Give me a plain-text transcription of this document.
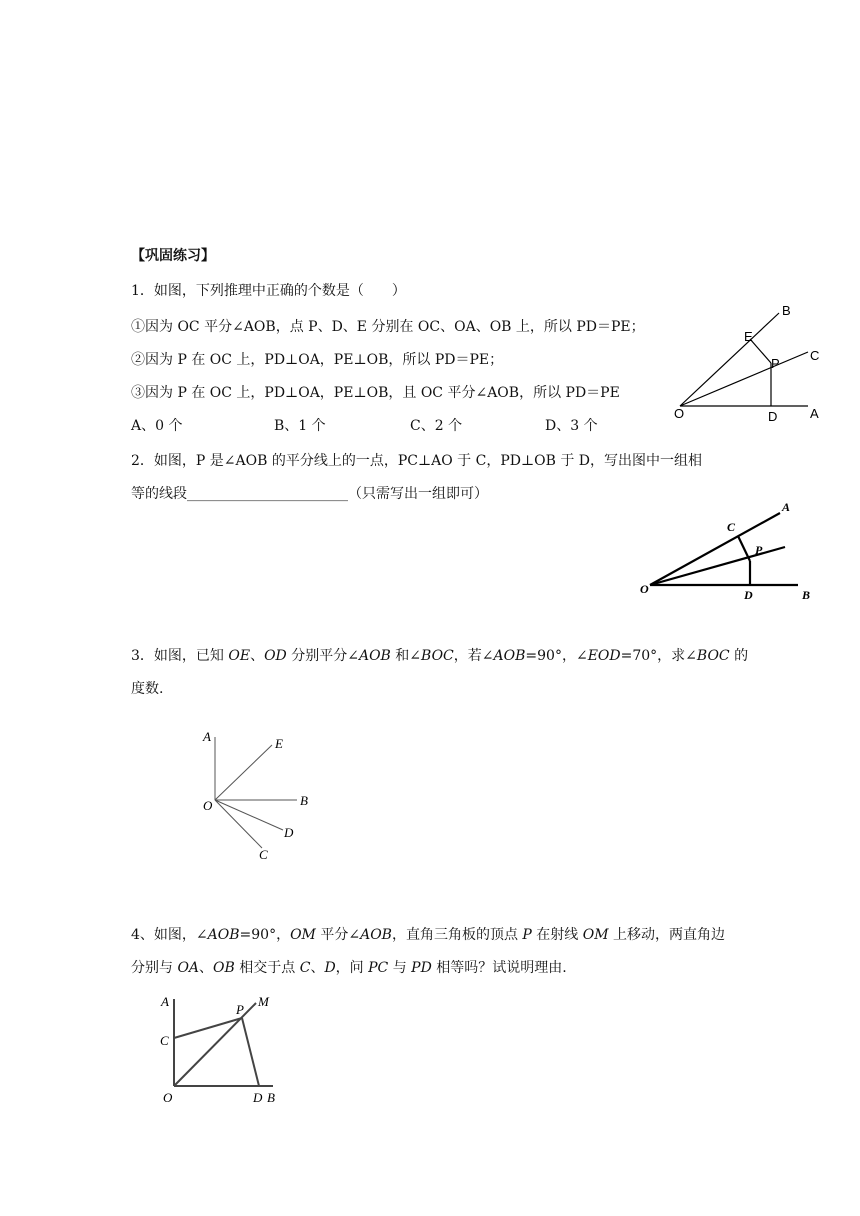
【巩固练习】
1．如图，下列推理中正确的个数是（　　）
①因为 OC 平分∠AOB，点 P、D、E 分别在 OC、OA、OB 上，所以 PD＝PE；
②因为 P 在 OC 上，PD⊥OA，PE⊥OB，所以 PD＝PE；
③因为 P 在 OC 上，PD⊥OA，PE⊥OB，且 OC 平分∠AOB，所以 PD＝PE
A、0 个	B、1 个	C、2 个	D、3 个
B
E
C
P
O	D	A
2．如图，P 是∠AOB 的平分线上的一点，PC⊥AO 于 C，PD⊥OB 于 D，写出图中一组相
等的线段_______________________（只需写出一组即可）
A
C
P
O	D	B
3．如图，已知 OE、OD 分别平分∠AOB 和∠BOC，若∠AOB=90°，∠EOD=70°，求∠BOC 的
度数.
A	E
O	B
D
C
4、如图，∠AOB=90°，OM 平分∠AOB，直角三角板的顶点 P 在射线 OM 上移动，两直角边
分别与 OA、OB 相交于点 C、D，问 PC 与 PD 相等吗？试说明理由.
A	M
P
C
O	D B
